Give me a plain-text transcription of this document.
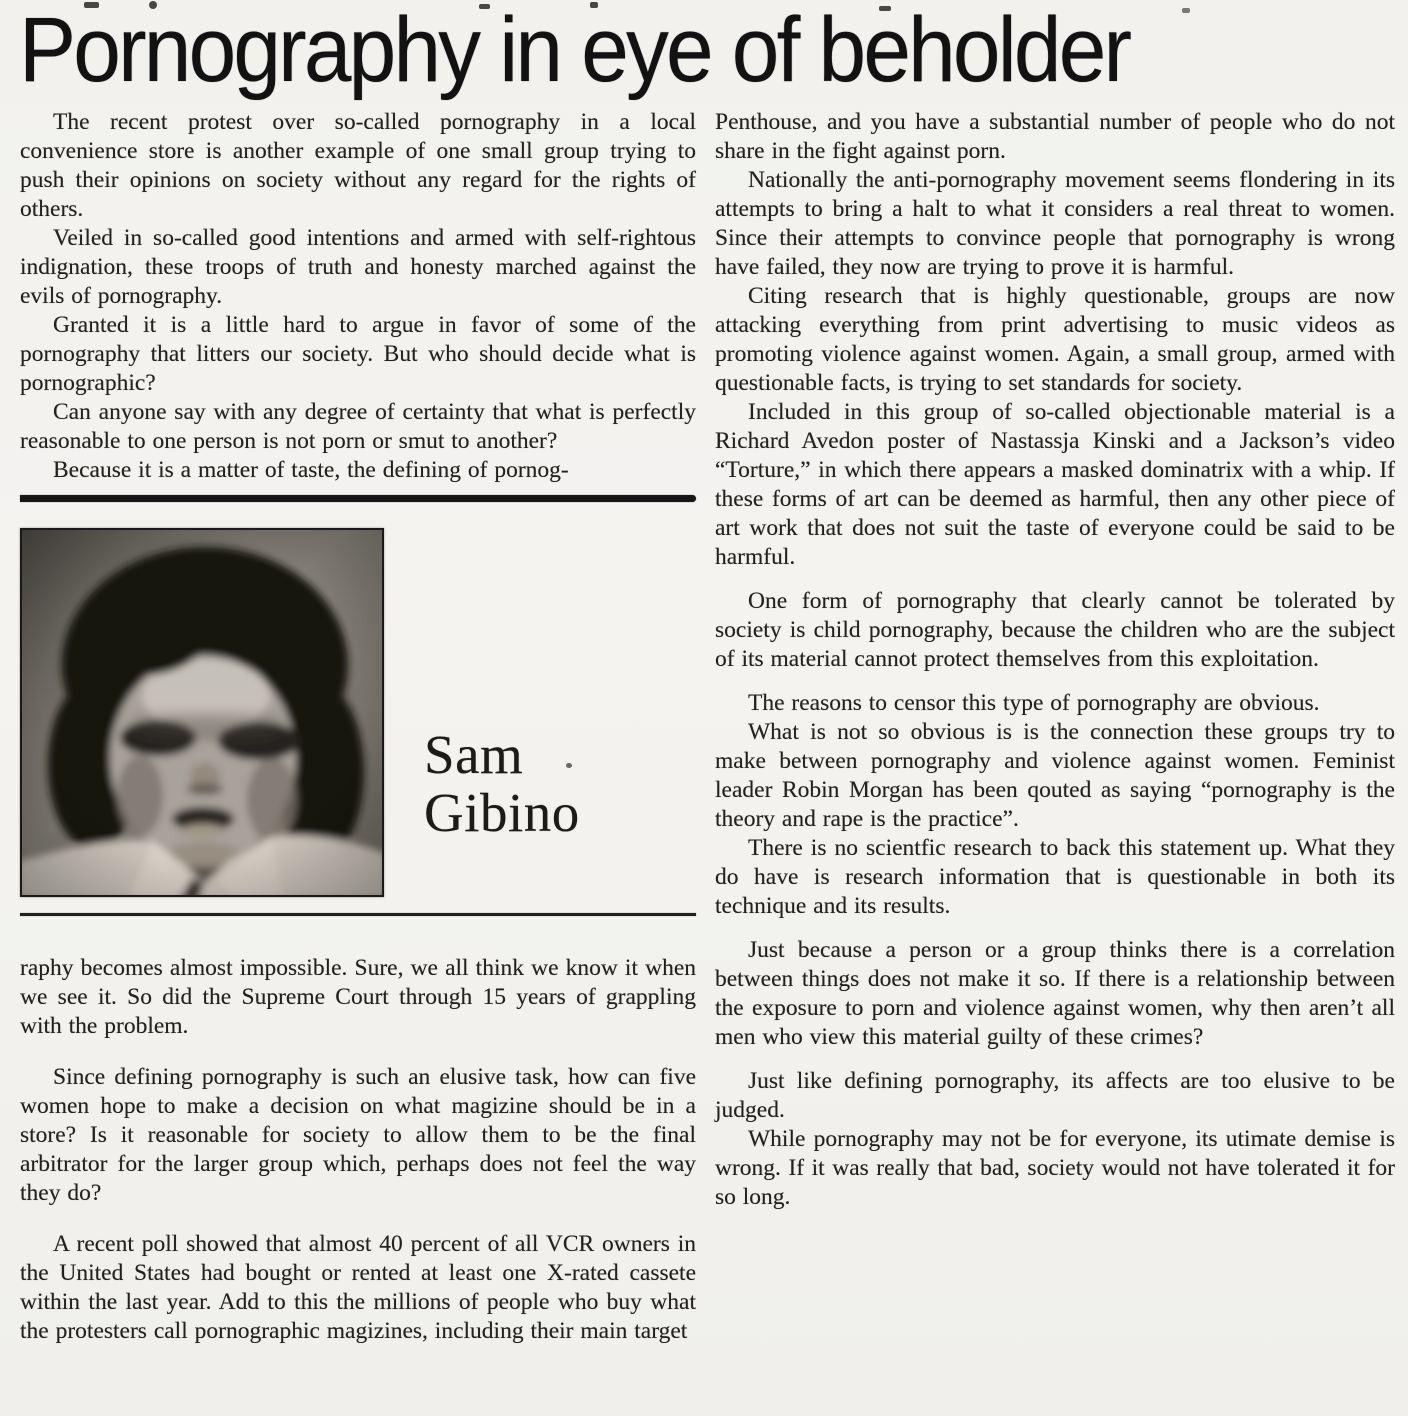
Pornography in eye of beholder

The recent protest over so-called pornography in a local convenience store is another example of one small group trying to push their opinions on society without any regard for the rights of others.

Veiled in so-called good intentions and armed with self-rightous indignation, these troops of truth and honesty marched against the evils of pornography.

Granted it is a little hard to argue in favor of some of the pornography that litters our society. But who should decide what is pornographic?

Can anyone say with any degree of certainty that what is perfectly reasonable to one person is not porn or smut to another?

Because it is a matter of taste, the defining of pornog-

Sam
Gibino

raphy becomes almost impossible. Sure, we all think we know it when we see it. So did the Supreme Court through 15 years of grappling with the problem.

Since defining pornography is such an elusive task, how can five women hope to make a decision on what magizine should be in a store? Is it reasonable for society to allow them to be the final arbitrator for the larger group which, perhaps does not feel the way they do?

A recent poll showed that almost 40 percent of all VCR owners in the United States had bought or rented at least one X-rated cassete within the last year. Add to this the millions of people who buy what the protesters call pornographic magizines, including their main target

Penthouse, and you have a substantial number of people who do not share in the fight against porn.

Nationally the anti-pornography movement seems flondering in its attempts to bring a halt to what it considers a real threat to women. Since their attempts to convince people that pornography is wrong have failed, they now are trying to prove it is harmful.

Citing research that is highly questionable, groups are now attacking everything from print advertising to music videos as promoting violence against women. Again, a small group, armed with questionable facts, is trying to set standards for society.

Included in this group of so-called objectionable material is a Richard Avedon poster of Nastassja Kinski and a Jackson’s video “Torture,” in which there appears a masked dominatrix with a whip. If these forms of art can be deemed as harmful, then any other piece of art work that does not suit the taste of everyone could be said to be harmful.

One form of pornography that clearly cannot be tolerated by society is child pornography, because the children who are the subject of its material cannot protect themselves from this exploitation.

The reasons to censor this type of pornography are obvious.

What is not so obvious is is the connection these groups try to make between pornography and violence against women. Feminist leader Robin Morgan has been qouted as saying “pornography is the theory and rape is the practice”.

There is no scientfic research to back this statement up. What they do have is research information that is questionable in both its technique and its results.

Just because a person or a group thinks there is a correlation between things does not make it so. If there is a relationship between the exposure to porn and violence against women, why then aren’t all men who view this material guilty of these crimes?

Just like defining pornography, its affects are too elusive to be judged.

While pornography may not be for everyone, its utimate demise is wrong. If it was really that bad, society would not have tolerated it for so long.
